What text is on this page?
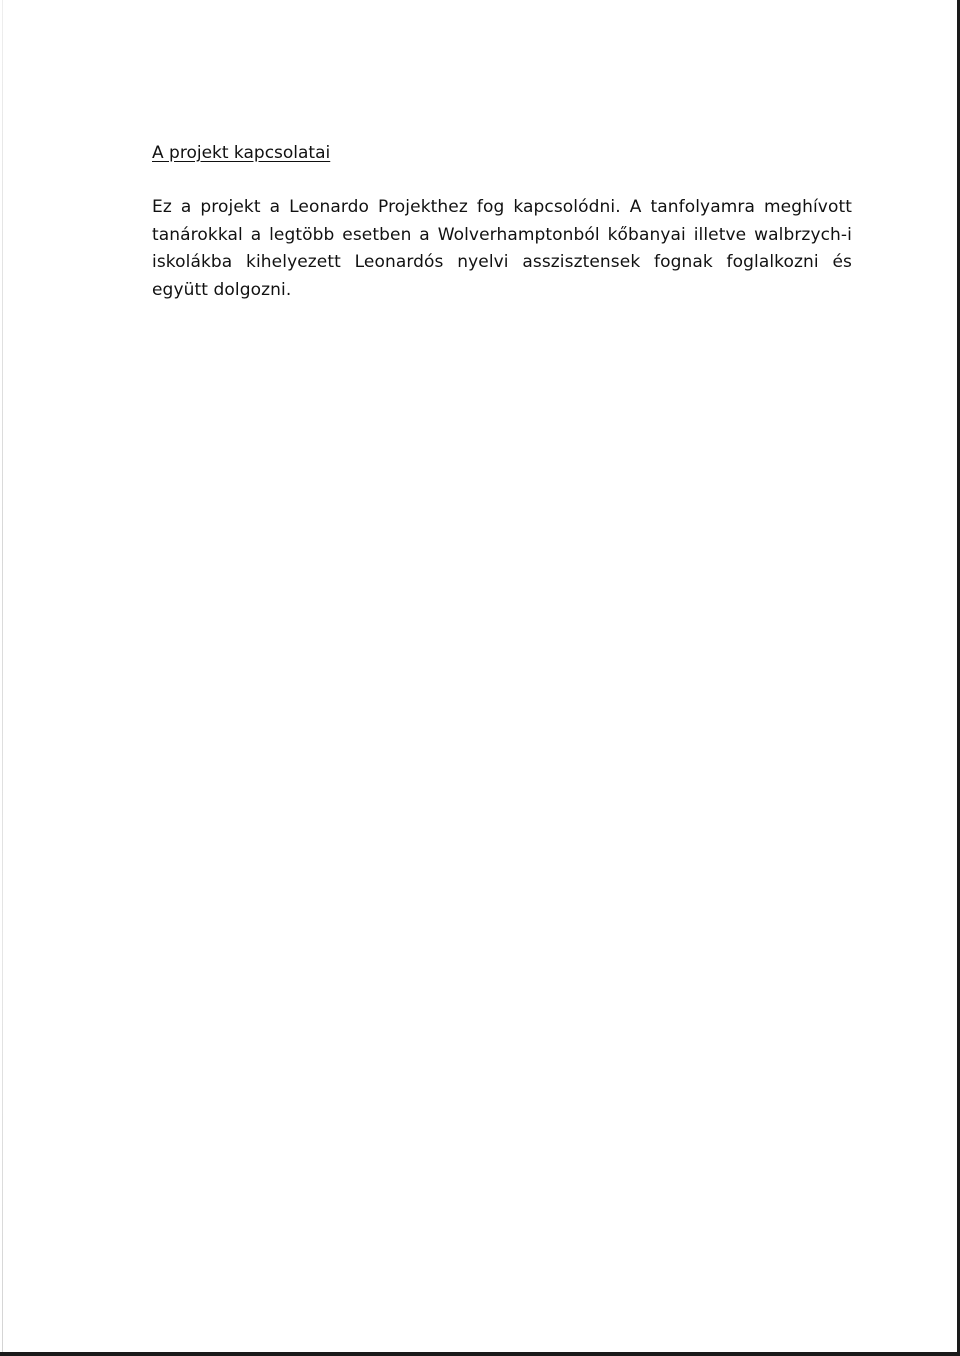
A projekt kapcsolatai

Ez a projekt a Leonardo Projekthez fog kapcsolódni. A tanfolyamra meghívott tanárokkal a legtöbb esetben a Wolverhamptonból kőbanyai illetve walbrzych-i iskolákba kihelyezett Leonardós nyelvi asszisztensek fognak foglalkozni és együtt dolgozni.
